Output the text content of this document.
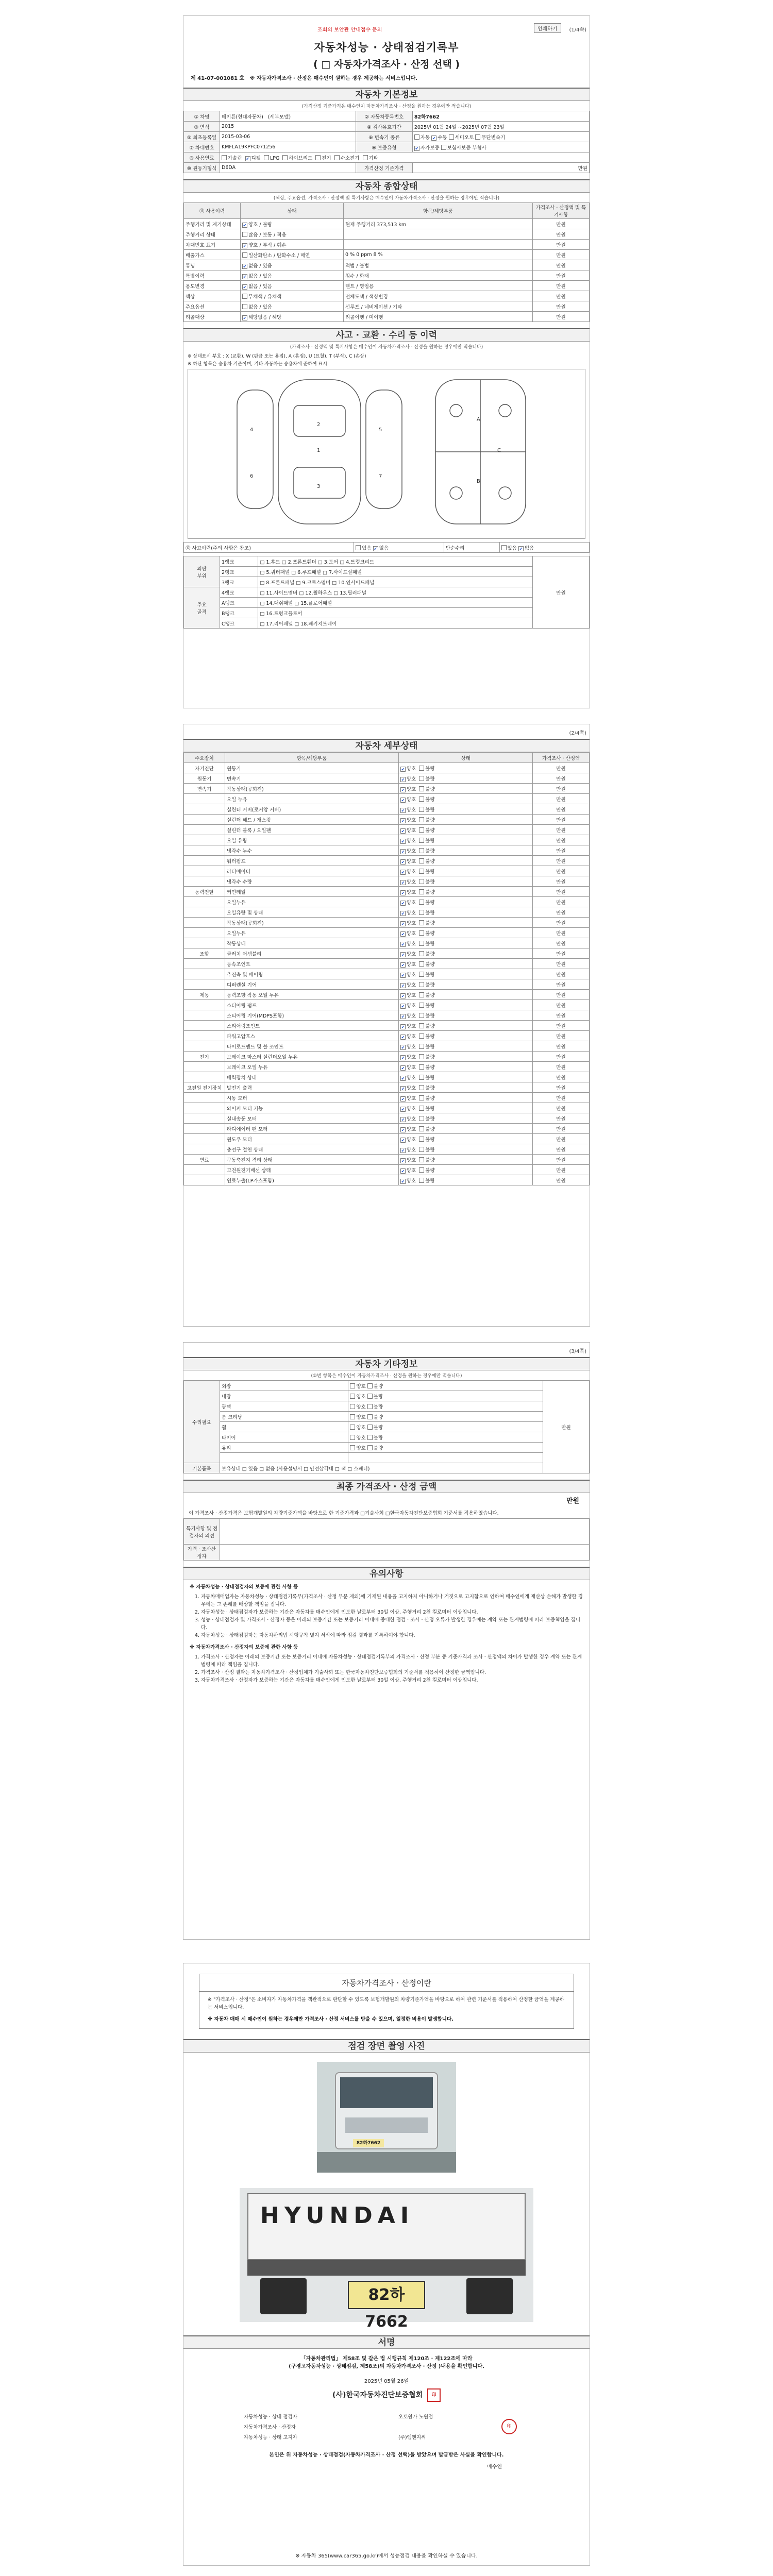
조회의 보안관 안내접수 문의	인쇄하기	(1/4쪽)
자동차성능 · 상태점검기록부
( □ 자동차가격조사 · 산정 선택 )
제 41-07-001081 호 ※ 자동차가격조사 · 산정은 매수인이 원하는 경우 제공하는 서비스입니다.
자동차 기본정보
(가격산정 기준가격은 매수인이 자동차가격조사 · 산정을 원하는 경우에만 적습니다)
① 차명	메이튼(현대자동차) (세부모델)	② 자동차등록번호	82하7662
③ 연식	2015	④ 검사유효기간	2025년 01월 24일 ~2025년 07월 23일
⑤ 최초등록일	2015-03-06	⑥ 변속기 종류	자동 ✔ 수동 세미오토 무단변속기
⑦ 차대번호	KMFLA19KPFC071256	⑨ 보증유형	✔자가보증 보험사보증 부협사
⑧ 사용연료	가솔린 ✔ 디젤 LPG 하이브리드 전기 수소전기 기타
⑩ 원동기형식	D6DA	가격산정 기준가격	만원
자동차 종합상태
(색상, 주요옵션, 가격조사 · 산정액 및 특기사항은 매수인이 자동차가격조사 · 산정을 원하는 경우에만 적습니다)
⑪ 사용이력	상태	항목/해당부품	가격조사 · 산정액 및 특기사항
주행거리 및 계기상태	✔양호 / 불량	현재 주행거리 373,513 km	만원
주행거리 상태	많음 / 보통 / 적음		만원
차대번호 표기	✔양호 / 부식 / 훼손		만원
배출가스	일산화탄소 / 탄화수소 / 매연	0 % 0 ppm 8 %	만원
튜닝	✔없음 / 있음	적법 / 불법	만원
특별이력	✔없음 / 있음	침수 / 화재	만원
용도변경	✔없음 / 있음	렌트 / 영업용	만원
색상	무채색 / 유채색	전체도색 / 색상변경	만원
주요옵션	없음 / 있음	선루프 / 네비게이션 / 기타	만원
리콜대상	✔해당없음 / 해당	리콜이행 / 미이행	만원
사고 · 교환 · 수리 등 이력
(가격조사 · 산정액 및 특기사항은 매수인이 자동차가격조사 · 산정을 원하는 경우에만 적습니다)
※ 상태표시 부호 : X (교환), W (판금 또는 용접), A (흠집), U (요철), T (부식), C (손상)
※ 하단 항목은 승용차 기준이며, 기타 자동차는 승용차에 준하여 표시
1
2
3
4	5
6	7
A
B
C
⑫ 사고이력(주의 사항은 참조)	있음 ✔없음	단순수리	있음 ✔없음
외판
부위	1랭크	□ 1.후드 □ 2.프론트휀더 □ 3.도어 □ 4.트렁크리드	만원
	2랭크	□ 5.쿼터패널 □ 6.루프패널 □ 7.사이드실패널	
	3랭크	□ 8.프론트패널 □ 9.크로스멤버 □ 10.인사이드패널	
주요
골격	4랭크	□ 11.사이드멤버 □ 12.휠하우스 □ 13.필러패널	
	A랭크	□ 14.대쉬패널 □ 15.플로어패널	
	B랭크	□ 16.트렁크플로어	
	C랭크	□ 17.리어패널 □ 18.패키지트레이	
(2/4쪽)
자동차 세부상태
주요장치	항목/해당부품	상태	가격조사 · 산정액
자기진단	원동기	✔양호 불량	만원
원동기	변속기	✔양호 불량	만원
변속기	작동상태(공회전)	✔양호 불량	만원
	오일 누유	✔양호 불량	만원
	실린더 커버(로커암 커버)	✔양호 불량	만원
	실린더 헤드 / 개스킷	✔양호 불량	만원
	실린더 블록 / 오일팬	✔양호 불량	만원
	오일 유량	✔양호 불량	만원
	냉각수 누수	✔양호 불량	만원
	워터펌프	✔양호 불량	만원
	라디에이터	✔양호 불량	만원
	냉각수 수량	✔양호 불량	만원
동력전달	커먼레일	✔양호 불량	만원
	오일누유	✔양호 불량	만원
	오일유량 및 상태	✔양호 불량	만원
	작동상태(공회전)	✔양호 불량	만원
	오일누유	✔양호 불량	만원
	작동상태	✔양호 불량	만원
조향	클러치 어셈블리	✔양호 불량	만원
	등속조인트	✔양호 불량	만원
	추진축 및 베어링	✔양호 불량	만원
	디퍼렌셜 기어	✔양호 불량	만원
제동	동력조향 작동 오일 누유	✔양호 불량	만원
	스티어링 펌프	✔양호 불량	만원
	스티어링 기어(MDPS포함)	✔양호 불량	만원
	스티어링조인트	✔양호 불량	만원
	파워고압호스	✔양호 불량	만원
	타이로드엔드 및 볼 조인트	✔양호 불량	만원
전기	브레이크 마스터 실린더오일 누유	✔양호 불량	만원
	브레이크 오일 누유	✔양호 불량	만원
	배력장치 상태	✔양호 불량	만원
고전원 전기장치	발전기 출력	✔양호 불량	만원
	시동 모터	✔양호 불량	만원
	와이퍼 모터 기능	✔양호 불량	만원
	실내송풍 모터	✔양호 불량	만원
	라디에이터 팬 모터	✔양호 불량	만원
	윈도우 모터	✔양호 불량	만원
	충전구 절연 상태	✔양호 불량	만원
연료	구동축전지 격리 상태	✔양호 불량	만원
	고전원전기배선 상태	✔양호 불량	만원
	연료누출(LP가스포함)	✔양호 불량	만원
(3/4쪽)
자동차 기타정보
(①번 항목은 매수인이 자동차가격조사 · 산정을 원하는 경우에만 적습니다)
수리필요	외장	양호 불량	만원
	내장	양호 불량	
	광택	양호 불량	
	룸 크리닝	양호 불량	
	휠	양호 불량	
	타이어	양호 불량	
	유리	양호 불량	

기본품목	보유상태 □ 있음 □ 없음 (사용설명서 □ 안전삼각대 □ 잭 □ 스패너)		
최종 가격조사 · 산정 금액
만원
이 가격조사 · 산정가격은 보험개발원의 차량기준가액을 바탕으로 한 기준가격과 □기술사회 □한국자동차진단보증협회 기준서를 적용하였습니다.
특기사항 및 점검자의 의견	
가격 · 조사산정자	
유의사항
※ 자동차성능 · 상태점검자의 보증에 관한 사항 등
1. 자동차매매업자는 자동차성능 · 상태점검기록부(가격조사 · 산정 부분 제외)에 기재된 내용을 고지하지 아니하거나 거짓으로 고지함으로 인하여 매수인에게 재산상 손해가 발생한 경우에는 그 손해를 배상할 책임을 집니다.
2. 자동차성능 · 상태점검자가 보증하는 기간은 자동차를 매수인에게 인도한 날로부터 30일 이상, 주행거리 2천 킬로미터 이상입니다.
3. 성능 · 상태점검자 및 가격조사 · 산정자 등은 아래의 보증기간 또는 보증거리 이내에 중대한 점검 · 조사 · 산정 오류가 발생한 경우에는 계약 또는 관계법령에 따라 보증책임을 집니다.
4. 자동차성능 · 상태점검자는 자동차관리법 시행규칙 별지 서식에 따라 점검 결과를 기록하여야 합니다.
※ 자동차가격조사 · 산정자의 보증에 관한 사항 등
1. 가격조사 · 산정자는 아래의 보증기간 또는 보증거리 이내에 자동차성능 · 상태점검기록부의 가격조사 · 산정 부분 중 기준가격과 조사 · 산정액의 차이가 발생한 경우 계약 또는 관계법령에 따라 책임을 집니다.
2. 가격조사 · 산정 결과는 자동차가격조사 · 산정업체가 기술사회 또는 한국자동차진단보증협회의 기준서를 적용하여 산정한 금액입니다.
3. 자동차가격조사 · 산정자가 보증하는 기간은 자동차를 매수인에게 인도한 날로부터 30일 이상, 주행거리 2천 킬로미터 이상입니다.
자동차가격조사 · 산정이란
※ "가격조사 · 산정"은 소비자가 자동차가격을 객관적으로 판단할 수 있도록 보험개발원의 차량기준가액을 바탕으로 하여 관련 기준서를 적용하여 산정한 금액을 제공하는 서비스입니다.
※ 자동차 매매 시 매수인이 원하는 경우에만 가격조사 · 산정 서비스를 받을 수 있으며, 일정한 비용이 발생합니다.
점검 장면 촬영 사진
82하7662
HYUNDAI
82하7662
서명
「자동차관리법」 제58조 및 같은 법 시행규칙 제120조 · 제122조에 따라
(구경고자동차성능 · 상태점검, 제58조)의 자동차가격조사 · 산정 )내용을 확인합니다.
2025년 05월 26일
(사)한국자동차진단보증협회 印
자동차성능 · 상태 점검자	오토원카 노원점	印
자동차가격조사 · 산정자		
자동차성능 · 상태 고지자	(주)엠엔지씨	
본인은 위 자동차성능 · 상태점검(자동차가격조사 · 산정 선택)을 받았으며 발급받은 사실을 확인합니다.
매수인
※ 자동차 365(www.car365.go.kr)에서 성능점검 내용을 확인하실 수 있습니다.
